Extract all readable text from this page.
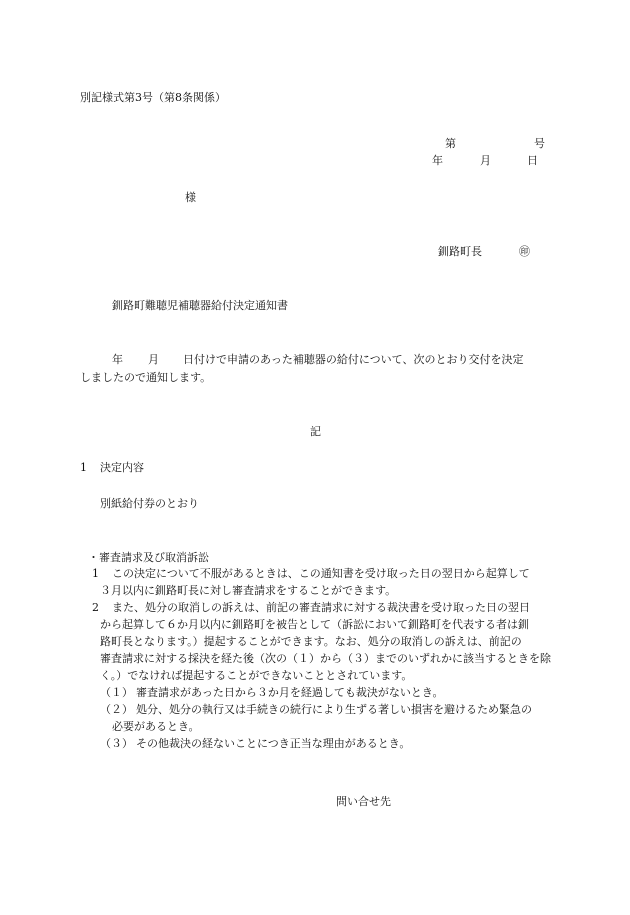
別記様式第3号（第8条関係）
第	号
年	月	日
様
釧路町長	㊞
釧路町難聴児補聴器給付決定通知書
年 月 日付けで申請のあった補聴器の給付について、次のとおり交付を決定
しましたので通知します。
記
1 決定内容
別紙給付券のとおり
・審査請求及び取消訴訟
1 この決定について不服があるときは、この通知書を受け取った日の翌日から起算して
３月以内に釧路町長に対し審査請求をすることができます。
2 また、処分の取消しの訴えは、前記の審査請求に対する裁決書を受け取った日の翌日
から起算して６か月以内に釧路町を被告として（訴訟において釧路町を代表する者は釧
路町長となります。）提起することができます。なお、処分の取消しの訴えは、前記の
審査請求に対する採決を経た後（次の（１）から（３）までのいずれかに該当するときを除
く。）でなければ提起することができないこととされています。
（１） 審査請求があった日から３か月を経過しても裁決がないとき。
（２） 処分、処分の執行又は手続きの続行により生ずる著しい損害を避けるため緊急の
必要があるとき。
（３） その他裁決の経ないことにつき正当な理由があるとき。
問い合せ先
